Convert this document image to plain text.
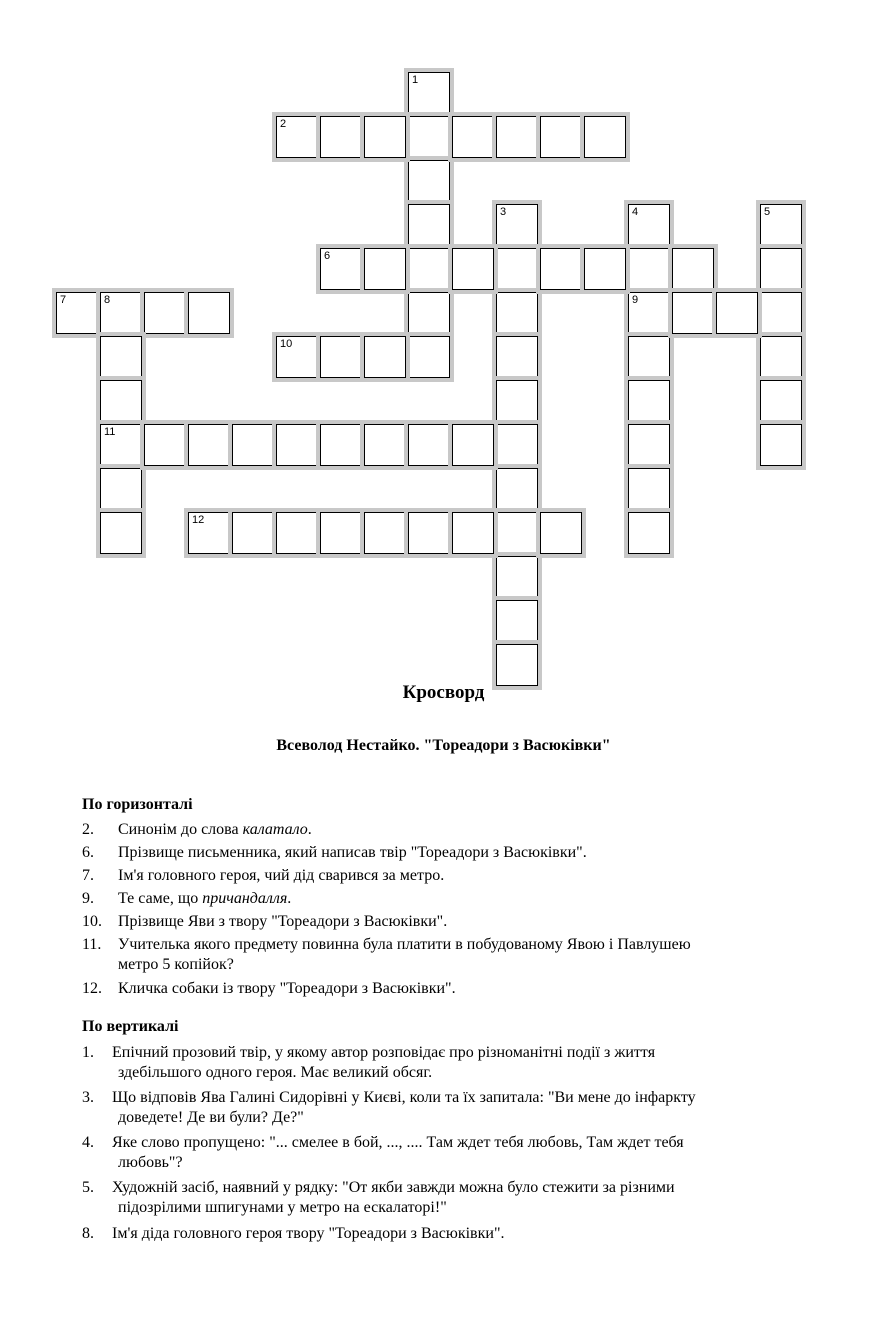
1
2
3	4
9
5
6
7	8
11
10
12
Кросворд
Всеволод Нестайко. "Тореадори з Васюківки"
По горизонталі
2. Синонім до слова калатало.
6. Прізвище письменника, який написав твір "Тореадори з Васюківки".
7. Ім'я головного героя, чий дід сварився за метро.
9. Те саме, що причандалля.
10. Прізвище Яви з твору "Тореадори з Васюківки".
11. Учителька якого предмету повинна була платити в побудованому Явою і Павлушею
метро 5 копійок?
12. Кличка собаки із твору "Тореадори з Васюківки".
По вертикалі
1. Епічний прозовий твір, у якому автор розповідає про різноманітні події з життя
здебільшого одного героя. Має великий обсяг.
3. Що відповів Ява Галині Сидорівні у Києві, коли та їх запитала: "Ви мене до інфаркту
доведете! Де ви були? Де?"
4. Яке слово пропущено: "... смелее в бой, ..., .... Там ждет тебя любовь, Там ждет тебя
любовь"?
5. Художній засіб, наявний у рядку: "От якби завжди можна було стежити за різними
підозрілими шпигунами у метро на ескалаторі!"
8. Ім'я діда головного героя твору "Тореадори з Васюківки".
